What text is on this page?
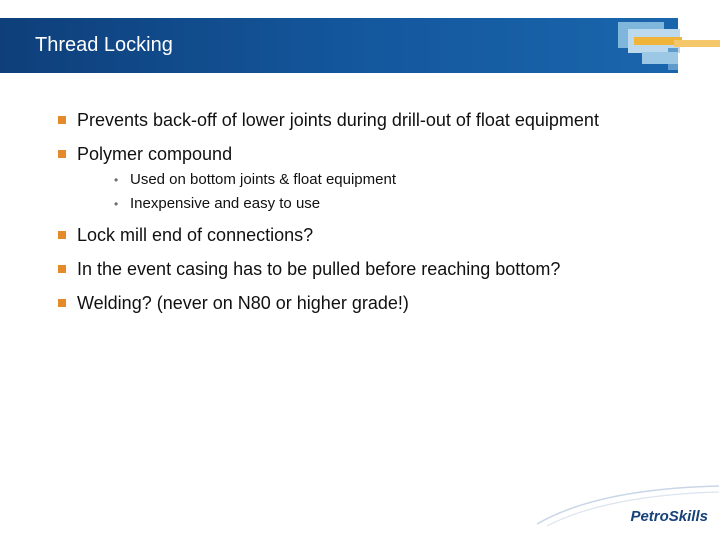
Thread Locking
Prevents back-off of lower joints during drill-out of float equipment
Polymer compound
• Used on bottom joints & float equipment
• Inexpensive and easy to use
Lock mill end of connections?
In the event casing has to be pulled before reaching bottom?
Welding? (never on N80 or higher grade!)
PetroSkills
